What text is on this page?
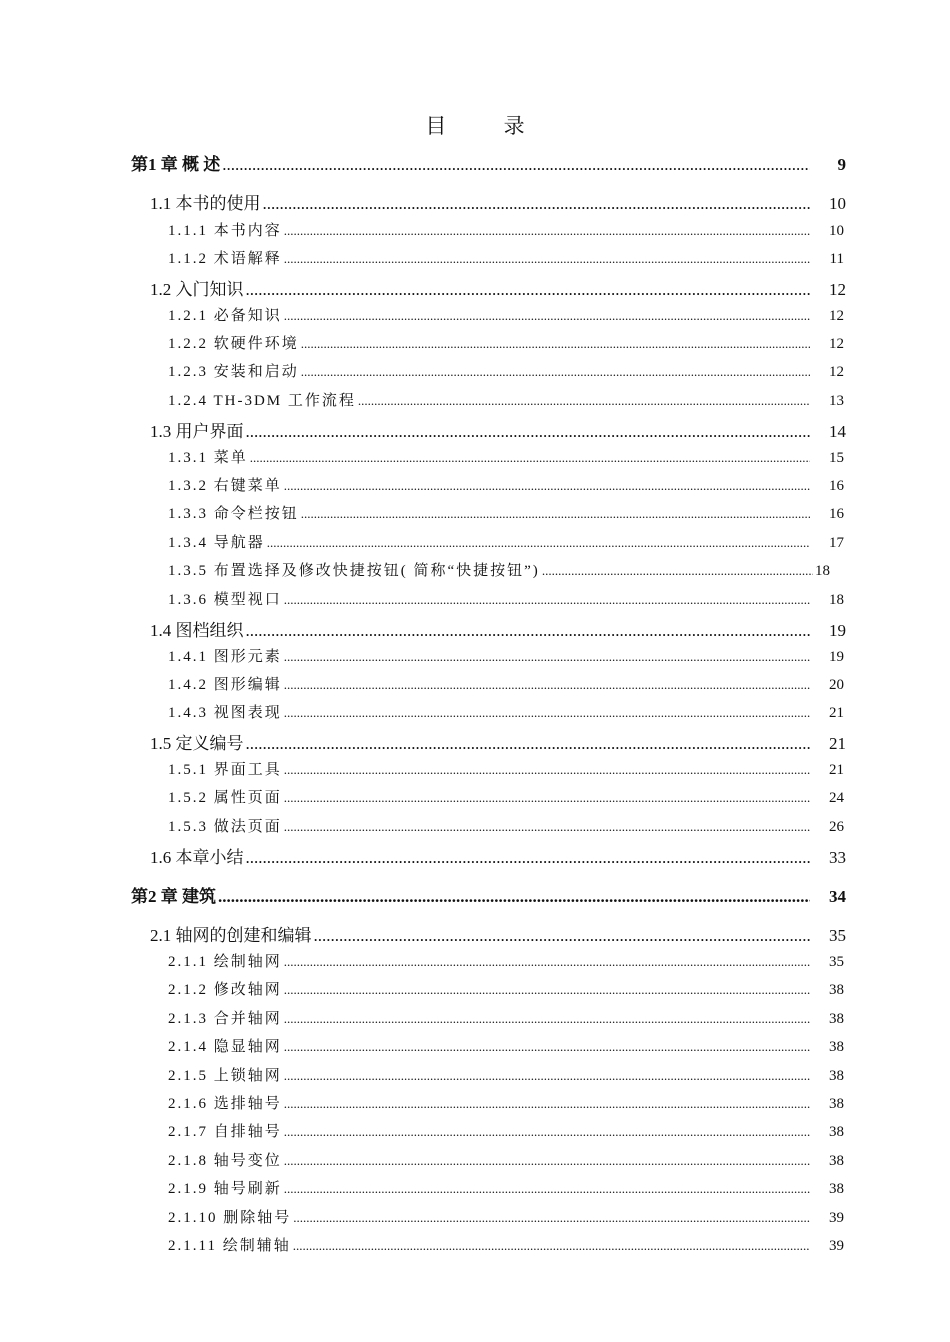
目	录
第1 章 概 述 .....	9
1.1 本书的使用 .....	10
1.1.1 本书内容 .....	10
1.1.2 术语解释 .....	11
1.2 入门知识 .....	12
1.2.1 必备知识 .....	12
1.2.2 软硬件环境 .....	12
1.2.3 安装和启动 .....	12
1.2.4 TH-3DM 工作流程 .....	13
1.3 用户界面 .....	14
1.3.1 菜单 .....	15
1.3.2 右键菜单 .....	16
1.3.3 命令栏按钮 .....	16
1.3.4 导航器 .....	17
1.3.5 布置选择及修改快捷按钮( 简称“快捷按钮”) .....	18
1.3.6 模型视口 .....	18
1.4 图档组织 .....	19
1.4.1 图形元素 .....	19
1.4.2 图形编辑 .....	20
1.4.3 视图表现 .....	21
1.5 定义编号 .....	21
1.5.1 界面工具 .....	21
1.5.2 属性页面 .....	24
1.5.3 做法页面 .....	26
1.6 本章小结 .....	33
第2 章 建筑 .....	34
2.1 轴网的创建和编辑 .....	35
2.1.1 绘制轴网 .....	35
2.1.2 修改轴网 .....	38
2.1.3 合并轴网 .....	38
2.1.4 隐显轴网 .....	38
2.1.5 上锁轴网 .....	38
2.1.6 选排轴号 .....	38
2.1.7 自排轴号 .....	38
2.1.8 轴号变位 .....	38
2.1.9 轴号刷新 .....	38
2.1.10 删除轴号 .....	39
2.1.11 绘制辅轴 .....	39
